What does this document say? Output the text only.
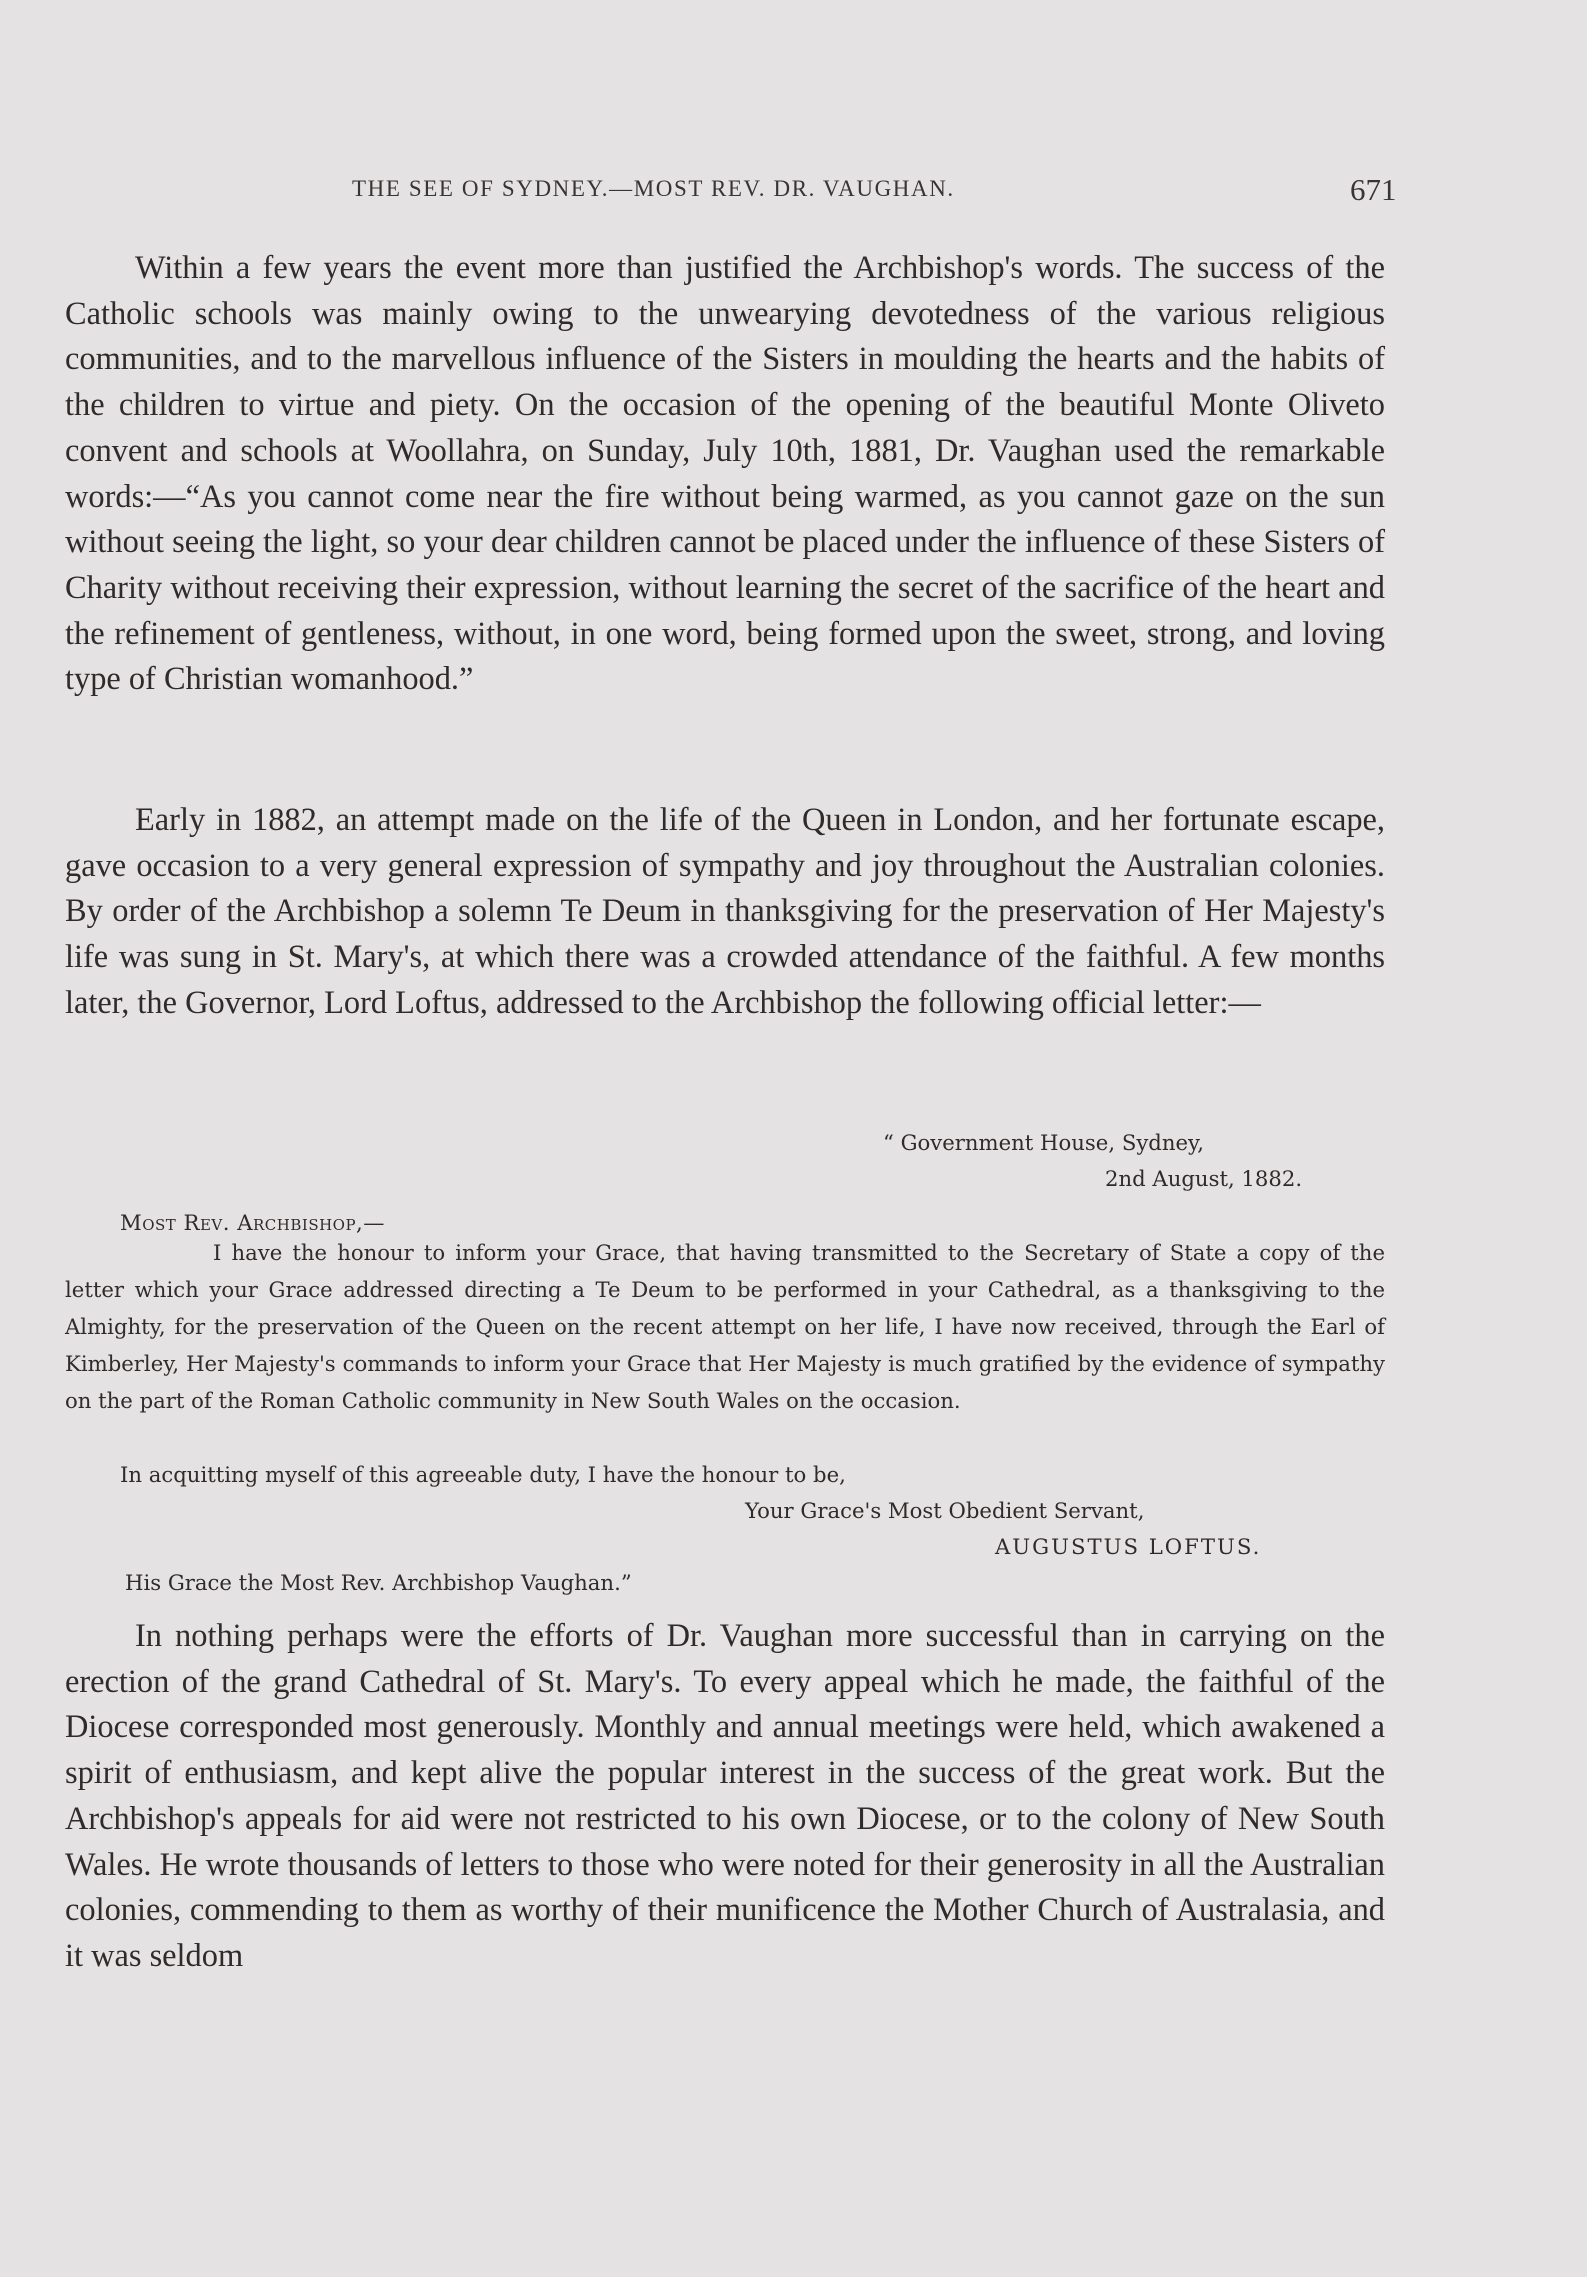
THE SEE OF SYDNEY.—MOST REV. DR. VAUGHAN.	671

Within a few years the event more than justified the Archbishop's words. The success of the Catholic schools was mainly owing to the unwearying devotedness of the various religious communities, and to the marvellous influence of the Sisters in moulding the hearts and the habits of the children to virtue and piety. On the occasion of the opening of the beautiful Monte Oliveto convent and schools at Woollahra, on Sunday, July 10th, 1881, Dr. Vaughan used the remarkable words:—“As you cannot come near the fire without being warmed, as you cannot gaze on the sun without seeing the light, so your dear children cannot be placed under the influence of these Sisters of Charity without receiving their expression, without learning the secret of the sacrifice of the heart and the refinement of gentleness, without, in one word, being formed upon the sweet, strong, and loving type of Christian womanhood.”

Early in 1882, an attempt made on the life of the Queen in London, and her fortunate escape, gave occasion to a very general expression of sympathy and joy throughout the Australian colonies. By order of the Archbishop a solemn Te Deum in thanksgiving for the preservation of Her Majesty's life was sung in St. Mary's, at which there was a crowded attendance of the faithful. A few months later, the Governor, Lord Loftus, addressed to the Archbishop the following official letter:—

“ Government House, Sydney,
2nd August, 1882.
Most Rev. Archbishop,—

I have the honour to inform your Grace, that having transmitted to the Secretary of State a copy of the letter which your Grace addressed directing a Te Deum to be performed in your Cathedral, as a thanksgiving to the Almighty, for the preservation of the Queen on the recent attempt on her life, I have now received, through the Earl of Kimberley, Her Majesty's commands to inform your Grace that Her Majesty is much gratified by the evidence of sympathy on the part of the Roman Catholic community in New South Wales on the occasion.

In acquitting myself of this agreeable duty, I have the honour to be,
Your Grace's Most Obedient Servant,
AUGUSTUS LOFTUS.
His Grace the Most Rev. Archbishop Vaughan.”

In nothing perhaps were the efforts of Dr. Vaughan more successful than in carrying on the erection of the grand Cathedral of St. Mary's. To every appeal which he made, the faithful of the Diocese corresponded most generously. Monthly and annual meetings were held, which awakened a spirit of enthusiasm, and kept alive the popular interest in the success of the great work. But the Archbishop's appeals for aid were not restricted to his own Diocese, or to the colony of New South Wales. He wrote thousands of letters to those who were noted for their generosity in all the Australian colonies, commending to them as worthy of their munificence the Mother Church of Australasia, and it was seldom
